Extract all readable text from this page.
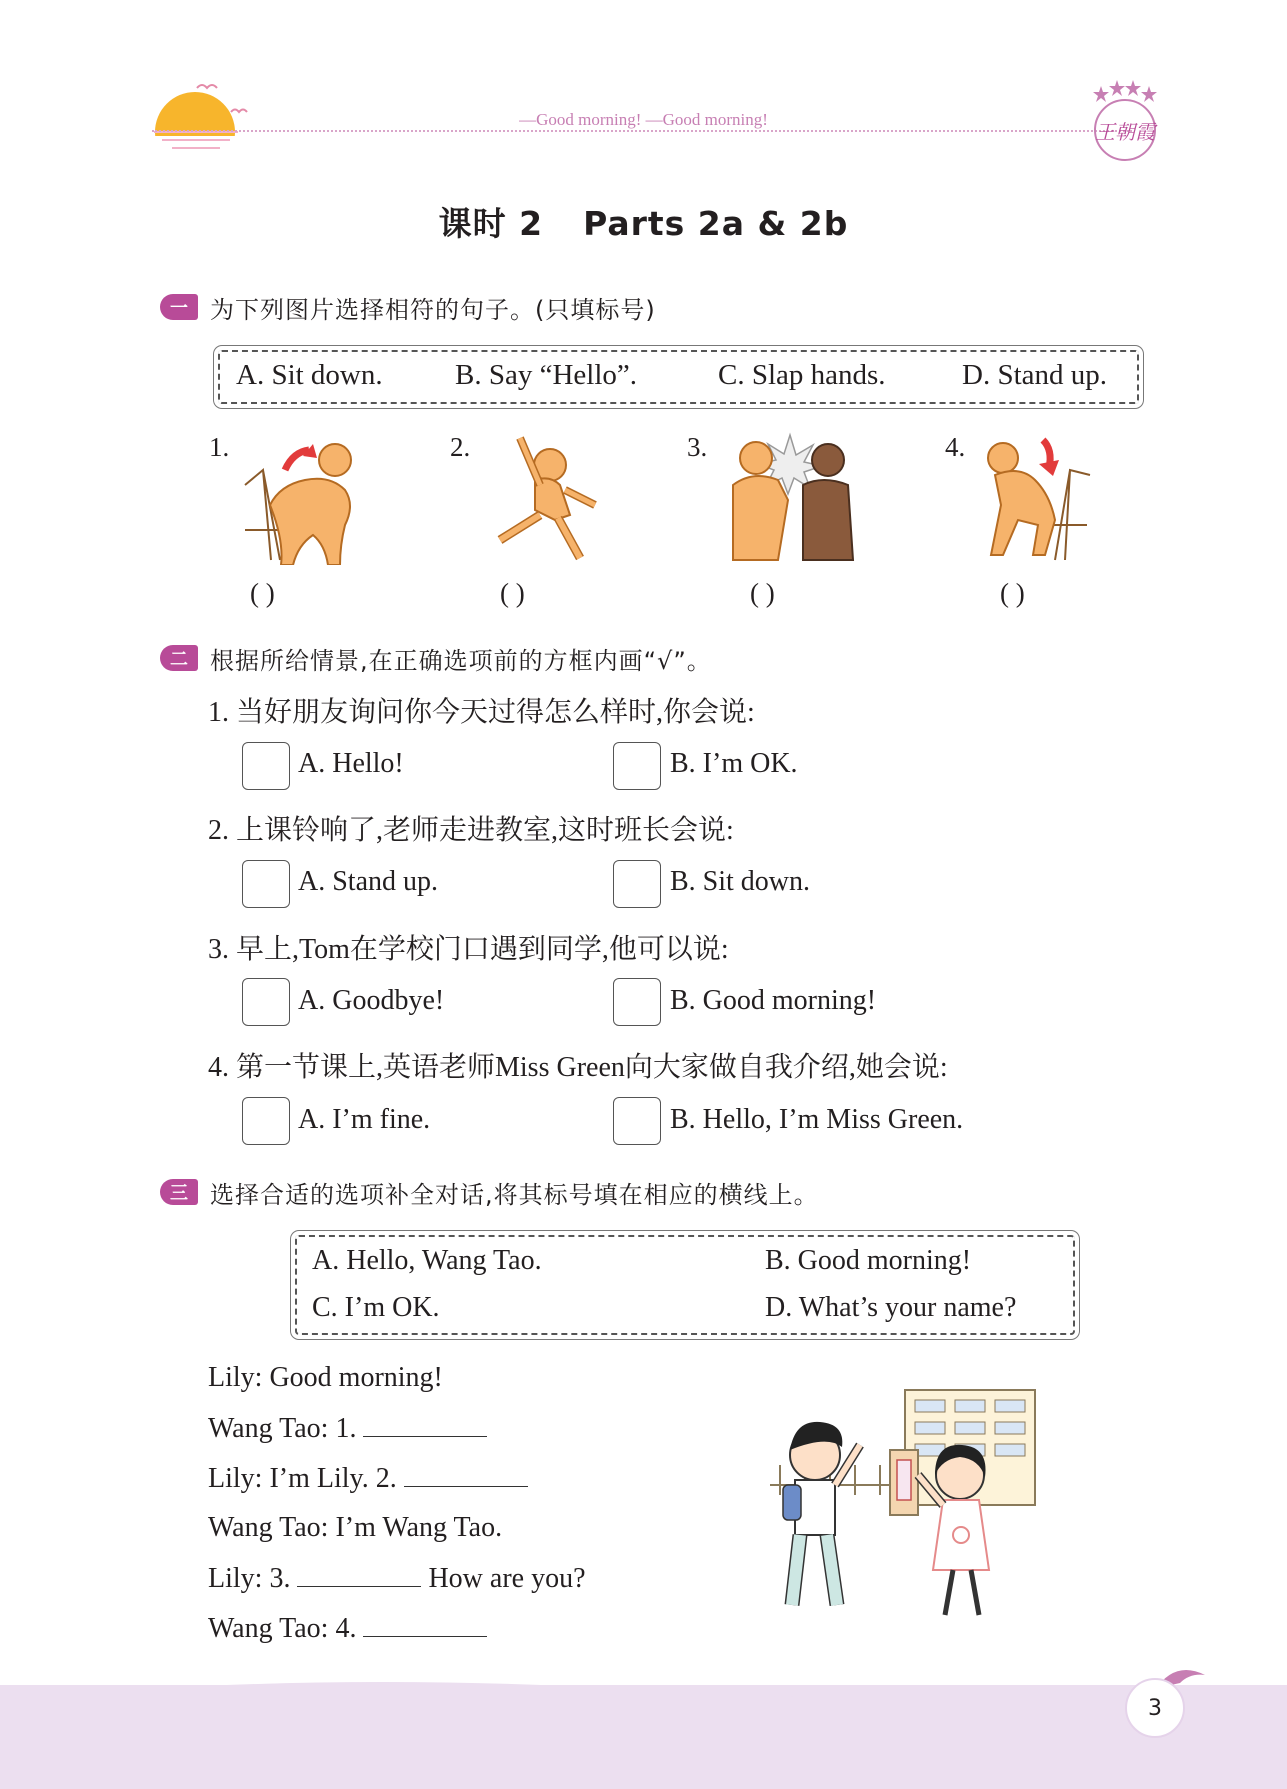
—Good morning! —Good morning!
王朝霞
课时 2 Parts 2a & 2b
一 为下列图片选择相符的句子。(只填标号)
A. Sit down. B. Say “Hello”.	C. Slap hands.	D. Stand up.
1.
( )
2.
( )
3.
( )
4.
( )
二 根据所给情景,在正确选项前的方框内画“√”。
1. 当好朋友询问你今天过得怎么样时,你会说:
A. Hello!	B. I’m OK.
2. 上课铃响了,老师走进教室,这时班长会说:
A. Stand up.	B. Sit down.
3. 早上,Tom在学校门口遇到同学,他可以说:
A. Goodbye!	B. Good morning!
4. 第一节课上,英语老师Miss Green向大家做自我介绍,她会说:
A. I’m fine.	B. Hello, I’m Miss Green.
三 选择合适的选项补全对话,将其标号填在相应的横线上。
A. Hello, Wang Tao.	B. Good morning!
C. I’m OK.	D. What’s your name?
Lily: Good morning!
Wang Tao: 1.
Lily: I’m Lily. 2.
Wang Tao: I’m Wang Tao.
Lily: 3.	How are you?
Wang Tao: 4.
3
